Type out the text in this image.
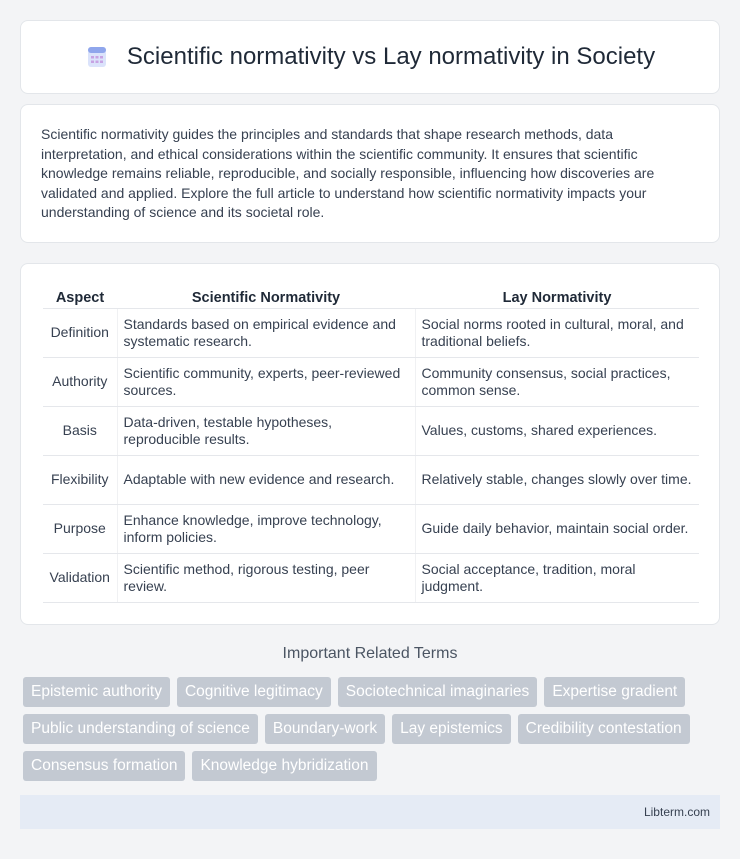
Scientific normativity vs Lay normativity in Society

Scientific normativity guides the principles and standards that shape research methods, data interpretation, and ethical considerations within the scientific community. It ensures that scientific knowledge remains reliable, reproducible, and socially responsible, influencing how discoveries are validated and applied. Explore the full article to understand how scientific normativity impacts your understanding of science and its societal role.

Aspect	Scientific Normativity	Lay Normativity
Definition	Standards based on empirical evidence and systematic research.	Social norms rooted in cultural, moral, and traditional beliefs.
Authority	Scientific community, experts, peer-reviewed sources.	Community consensus, social practices, common sense.
Basis	Data-driven, testable hypotheses, reproducible results.	Values, customs, shared experiences.
Flexibility	Adaptable with new evidence and research.	Relatively stable, changes slowly over time.
Purpose	Enhance knowledge, improve technology, inform policies.	Guide daily behavior, maintain social order.
Validation	Scientific method, rigorous testing, peer review.	Social acceptance, tradition, moral judgment.
Important Related Terms
Epistemic authority	Cognitive legitimacy	Sociotechnical imaginaries	Expertise gradient
Public understanding of science	Boundary-work	Lay epistemics	Credibility contestation
Consensus formation	Knowledge hybridization
Libterm.com
